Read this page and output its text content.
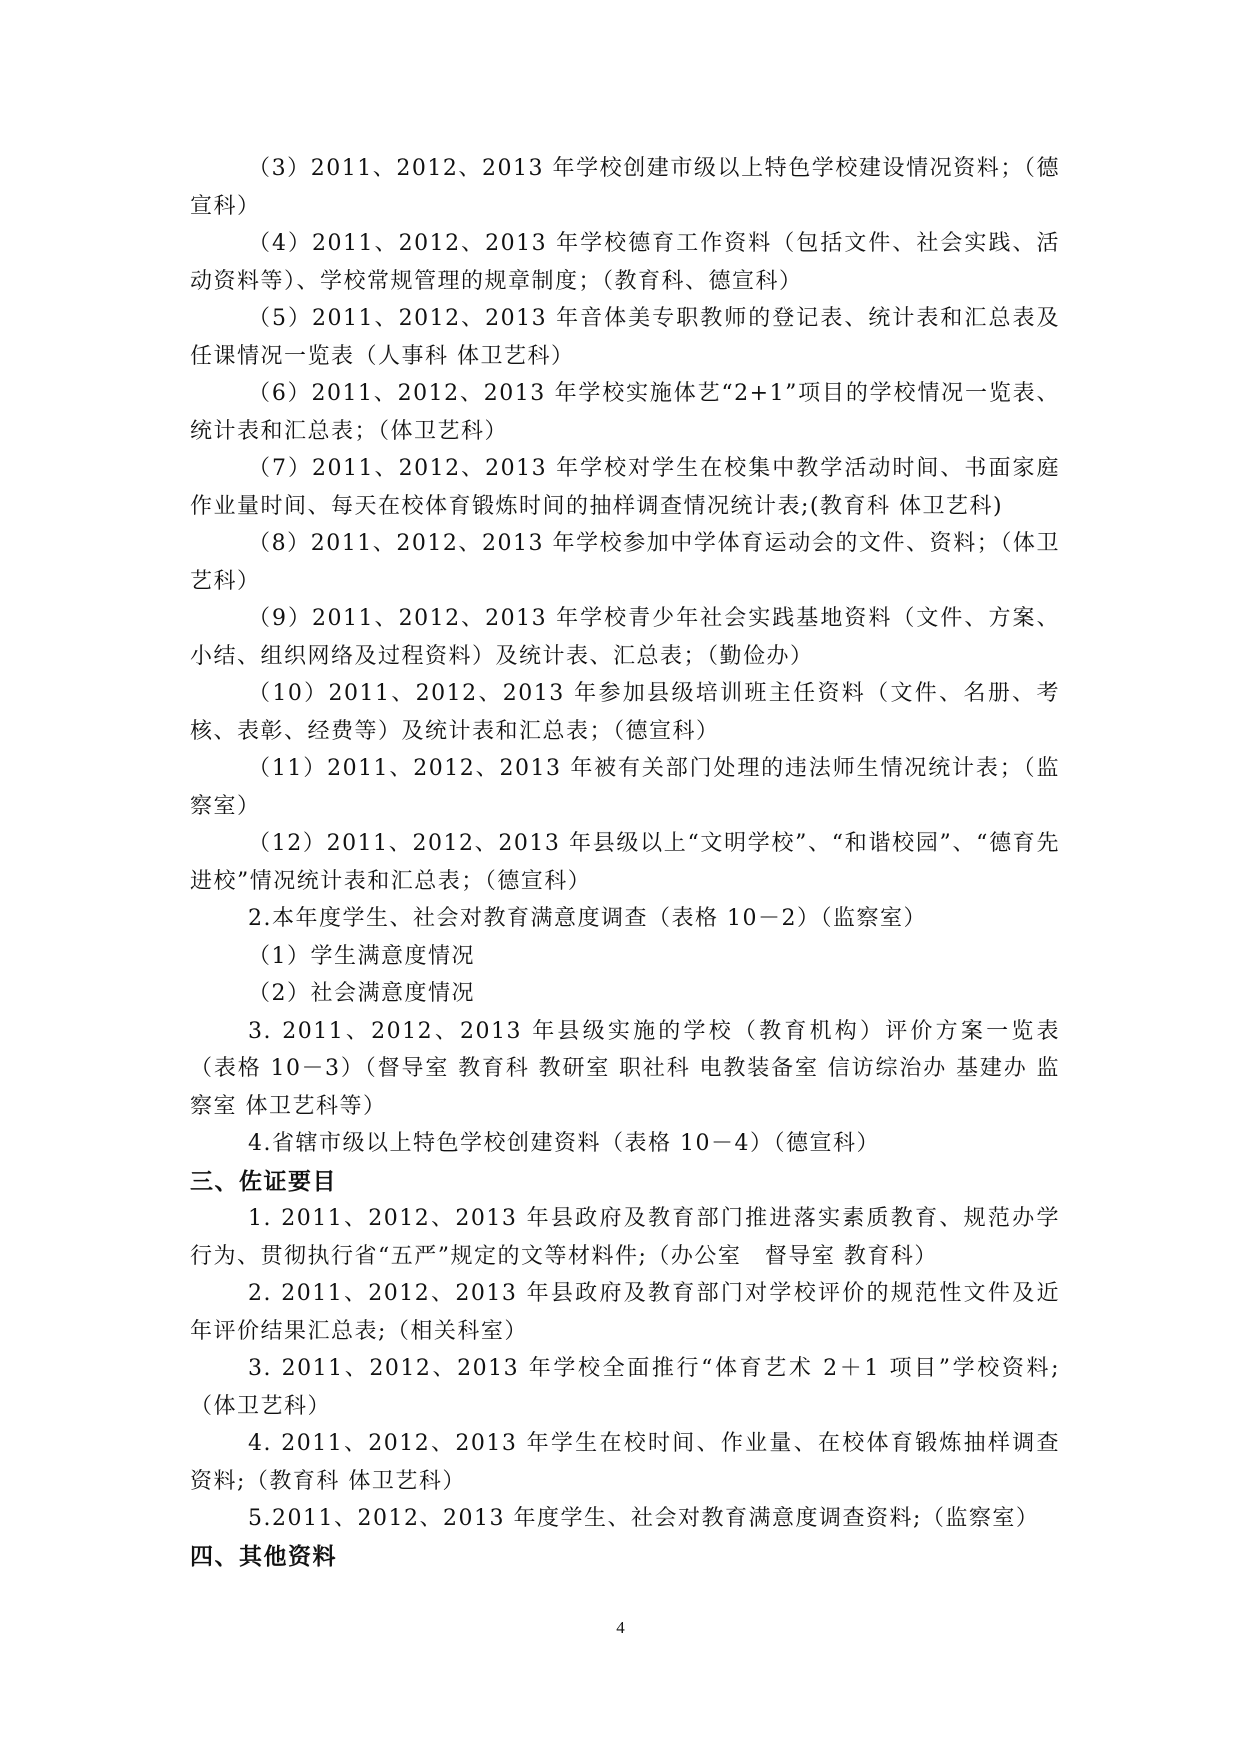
（3）2011、2012、2013 年学校创建市级以上特色学校建设情况资料；（德宣科）

（4）2011、2012、2013 年学校德育工作资料（包括文件、社会实践、活动资料等）、学校常规管理的规章制度；（教育科、德宣科）

（5）2011、2012、2013 年音体美专职教师的登记表、统计表和汇总表及任课情况一览表（人事科 体卫艺科）

（6）2011、2012、2013 年学校实施体艺“2+1”项目的学校情况一览表、统计表和汇总表；（体卫艺科）

（7）2011、2012、2013 年学校对学生在校集中教学活动时间、书面家庭作业量时间、每天在校体育锻炼时间的抽样调查情况统计表;(教育科 体卫艺科)

（8）2011、2012、2013 年学校参加中学体育运动会的文件、资料；（体卫艺科）

（9）2011、2012、2013 年学校青少年社会实践基地资料（文件、方案、小结、组织网络及过程资料）及统计表、汇总表；（勤俭办）

（10）2011、2012、2013 年参加县级培训班主任资料（文件、名册、考核、表彰、经费等）及统计表和汇总表；（德宣科）

（11）2011、2012、2013 年被有关部门处理的违法师生情况统计表；（监察室）

（12）2011、2012、2013 年县级以上“文明学校”、“和谐校园”、“德育先进校”情况统计表和汇总表；（德宣科）

2.本年度学生、社会对教育满意度调查（表格 10－2）（监察室）

（1）学生满意度情况

（2）社会满意度情况

3. 2011、2012、2013 年县级实施的学校（教育机构）评价方案一览表（表格 10－3）（督导室 教育科 教研室 职社科 电教装备室 信访综治办 基建办 监察室 体卫艺科等）

4.省辖市级以上特色学校创建资料（表格 10－4）（德宣科）

三、佐证要目

1. 2011、2012、2013 年县政府及教育部门推进落实素质教育、规范办学行为、贯彻执行省“五严”规定的文等材料件;（办公室　督导室 教育科）

2. 2011、2012、2013 年县政府及教育部门对学校评价的规范性文件及近年评价结果汇总表;（相关科室）

3. 2011、2012、2013 年学校全面推行“体育艺术 2＋1 项目”学校资料;（体卫艺科）

4. 2011、2012、2013 年学生在校时间、作业量、在校体育锻炼抽样调查资料;（教育科 体卫艺科）

5.2011、2012、2013 年度学生、社会对教育满意度调查资料;（监察室）

四、其他资料

4
